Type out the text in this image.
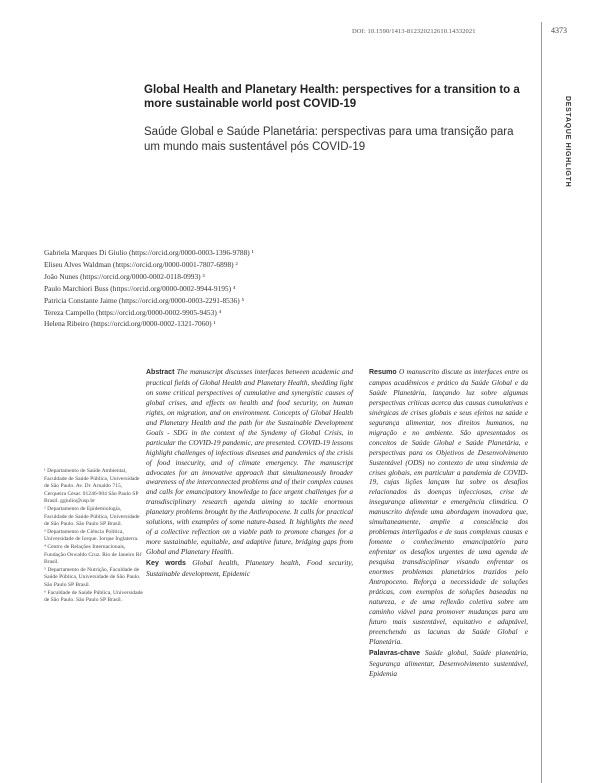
DOI: 10.1590/1413-812320212610.14332021	4373
DESTAQUE HIGHLIGTH
Global Health and Planetary Health: perspectives for a transition to a more sustainable world post COVID-19
Saúde Global e Saúde Planetária: perspectivas para uma transição para um mundo mais sustentável pós COVID-19
Gabriela Marques Di Giulio (https://orcid.org/0000-0003-1396-9788) ¹
Eliseu Alves Waldman (https://orcid.org/0000-0001-7807-6898) ²
João Nunes (https://orcid.org/0000-0002-0118-0993) ³
Paulo Marchiori Buss (https://orcid.org/0000-0002-9944-9195) ⁴
Patricia Constante Jaime (https://orcid.org/0000-0003-2291-8536) ⁵
Tereza Campello (https://orcid.org/0000-0002-9905-9453) ⁴
Helena Ribeiro (https://orcid.org/0000-0002-1321-7060) ¹
¹ Departamento de Saúde Ambiental, Faculdade de Saúde Pública, Universidade de São Paulo. Av. Dr. Arnaldo 715, Cerqueira César. 01246-904 São Paulo SP Brasil. ggiulio@usp.br
² Departamento de Epidemiologia, Faculdade de Saúde Pública, Universidade de São Paulo. São Paulo SP Brasil.
³ Departamento de Ciência Política, Universidade de Iorque. Iorque Inglaterra.
⁴ Centro de Relações Internacionais, Fundação Oswaldo Cruz. Rio de Janeiro RJ Brasil.
⁵ Departamento de Nutrição, Faculdade de Saúde Pública, Universidade de São Paulo. São Paulo SP Brasil.
⁶ Faculdade de Saúde Pública, Universidade de São Paulo. São Paulo SP Brasil.
Abstract The manuscript discusses interfaces between academic and practical fields of Global Health and Planetary Health, shedding light on some critical perspectives of cumulative and synergistic causes of global crises, and effects on health and food security, on human rights, on migration, and on environment. Concepts of Global Health and Planetary Health and the path for the Sustainable Development Goals - SDG in the context of the Syndemy of Global Crisis, in particular the COVID-19 pandemic, are presented. COVID-19 lessons highlight challenges of infectious diseases and pandemics of the crisis of food insecurity, and of climate emergency. The manuscript advocates for an innovative approach that simultaneously broader awareness of the interconnected problems and of their complex causes and calls for emancipatory knowledge to face urgent challenges for a transdisciplinary research agenda aiming to tackle enormous planetary problems brought by the Anthropocene. It calls for practical solutions, with examples of some nature-based. It highlights the need of a collective reflection on a viable path to promote changes for a more sustainable, equitable, and adaptive future, bridging gaps from Global and Planetary Health.
Key words Global health, Planetary health, Food security, Sustainable development, Epidemic
Resumo O manuscrito discute as interfaces entre os campos acadêmicos e prático da Saúde Global e da Saúde Planetária, lançando luz sobre algumas perspectivas críticas acerca das causas cumulativas e sinérgicas de crises globais e seus efeitos na saúde e segurança alimentar, nos direitos humanos, na migração e no ambiente. São apresentados os conceitos de Saúde Global e Saúde Planetária, e perspectivas para os Objetivos de Desenvolvimento Sustentável (ODS) no contexto de uma sindemia de crises globais, em particular a pandemia de COVID-19, cujas lições lançam luz sobre os desafios relacionados às doenças infecciosas, crise de insegurança alimentar e emergência climática. O manuscrito defende uma abordagem inovadora que, simultaneamente, amplie a consciência dos problemas interligados e de suas complexas causas e fomente o conhecimento emancipatório para enfrentar os desafios urgentes de uma agenda de pesquisa transdisciplinar visando enfrentar os enormes problemas planetários trazidos pelo Antropoceno. Reforça a necessidade de soluções práticas, com exemplos de soluções baseadas na natureza, e de uma reflexão coletiva sobre um caminho viável para promover mudanças para um futuro mais sustentável, equitativo e adaptável, preenchendo as lacunas da Saúde Global e Planetária.
Palavras-chave Saúde global, Saúde planetária, Segurança alimentar, Desenvolvimento sustentável, Epidemia
